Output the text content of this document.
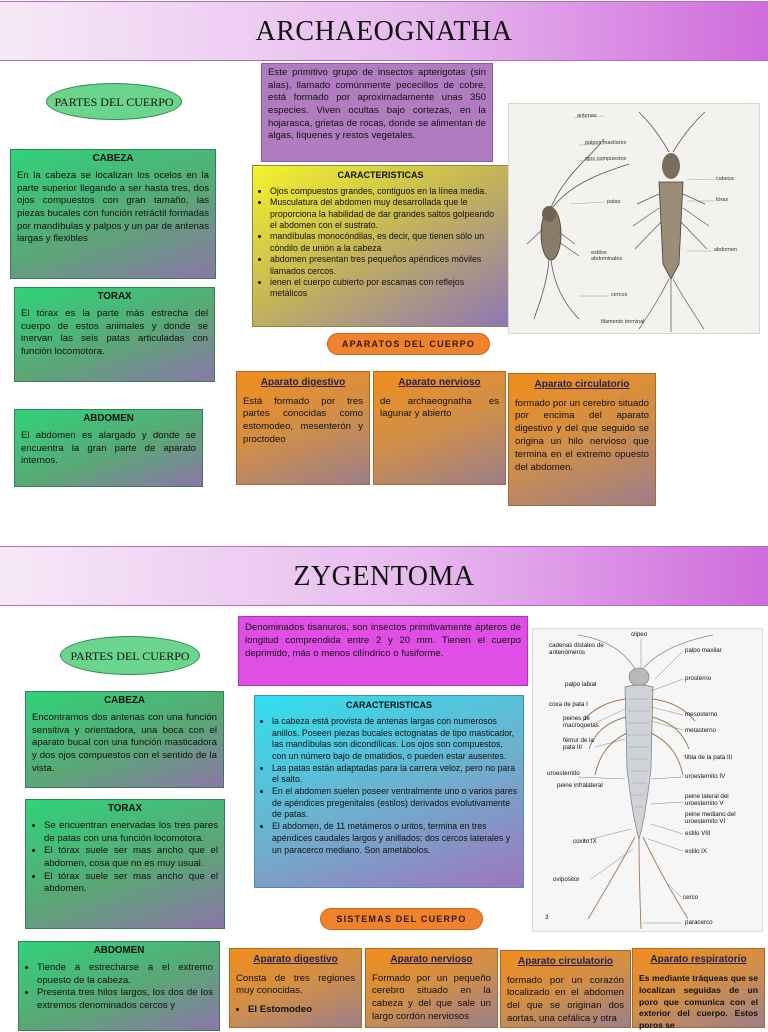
ARCHAEOGNATHA
PARTES DEL CUERPO
Este primitivo grupo de insectos apterigotas (sin alas), llamado comúnmente pececillos de cobre, está formado por aproximadamente unas 350 especies. Viven ocultas bajo cortezas, en la hojarasca, grietas de rocas, donde se alimentan de algas, líquenes y restos vegetales.
CABEZA
En la cabeza se localizan los ocelos en la parte superior llegando a ser hasta tres, dos ojos compuestos con gran tamaño, las piezas bucales con función retráctil formadas por mandíbulas y palpos y un par de antenas largas y flexibles
TORAX
El tórax es la parte más estrecha del cuerpo de estos animales y donde se inervan las seis patas articuladas con función locomotora.
ABDOMEN
El abdomen es alargado y donde se encuentra la gran parte de aparato internos.
CARACTERISTICAS
• Ojos compuestos grandes, contiguos en la línea media.
• Musculatura del abdomen muy desarrollada que le proporciona la habilidad de dar grandes saltos golpeando el abdomen con el sustrato.
• mandíbulas monocóndilas, es decir, que tienen sólo un cóndilo de unión a la cabeza
• abdomen presentan tres pequeños apéndices móviles llamados cercos.
• ienen el cuerpo cubierto por escamas con reflejos metálicos
antenas
palpos maxilares
ojos compuestos
patas
cabeza
tórax
abdomen
estilos abdominales
cercos
filamento terminal
APARATOS DEL CUERPO
Aparato digestivo
Está formado por tres partes conocidas como estomodeo, mesenterón y proctodeo
Aparato nervioso
de archaeognatha es lagunar y abierto
Aparato circulatorio
formado por un cerebro situado por encima del aparato digestivo y del que seguido se origina un hilo nervioso que termina en el extremo opuesto del abdomen.
ZYGENTOMA
PARTES DEL CUERPO
Denominados tisanuros, son insectos primitivamente ápteros de longitud comprendida entre 2 y 20 mm. Tienen el cuerpo deprimido, más o menos cilíndrico o fusiforme.
CABEZA
Encontramos dos antenas con una función sensitiva y orientadora, una boca con el aparato bucal con una función masticadora y dos ojos compuestos con el sentido de la vista.
TORAX
• Se encuentran enervadas los tres pares de patas con una función locomotora.
• El tórax suele ser mas ancho que el abdomen, cosa que no es muy usual.
• El tórax suele ser mas ancho que el abdomen.
CARACTERISTICAS
• la cabeza está provista de antenas largas con numerosos anillos. Poseen piezas bucales ectognatas de tipo masticador, las mandíbulas son dicondílicas. Los ojos son compuestos, con un número bajo de omatidios, o pueden estar ausentes.
• Las patas están adaptadas para la carrera veloz, pero no para el salto.
• En el abdomen suelen poseer ventralmente uno o varios pares de apéndices pregenitales (estilos) derivados evolutivamente de patas.
• El abdomen, de 11 metámeros o uritos, termina en tres apéndices caudales largos y anillados: dos cercos laterales y un paracerco mediano. Son ametábolos.
clipeo
cadenas distales de antenómeros	palpo maxilar
palpo labial
prosterno
coxa de pata I
peines de macroquetas
mesosterno
fémur de la pata III
metasterno
tibia de la pata III
uroesternito
peine infralateral
uroesternito IV
peine lateral del uroesternito V
peine mediano del uroesternito VI
estilo VIII
coxito IX
estilo IX
ovipositor
cerco
paracerco
3
SISTEMAS DEL CUERPO
ABDOMEN
• Tiende a estrecharse a el extremo opuesto de la cabeza.
• Presenta tres hilos largos, los dos de los extremos denominados cercos y
Aparato digestivo
Consta de tres regiones muy conocidas.
• El Estomodeo
Aparato nervioso
Formado por un pequeño cerebro situado en la cabeza y del que sale un largo cordón nerviosos
Aparato circulatorio
formado por un corazón localizado en el abdomen del que se originan dos aortas, una cefálica y otra
Aparato respiratorio
Es mediante tráqueas que se localizan seguidas de un poro que comunica con el exterior del cuerpo. Estos poros se
